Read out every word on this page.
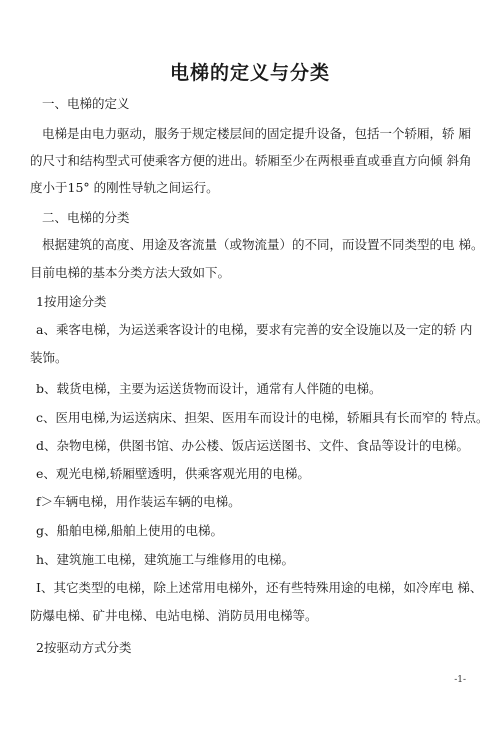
电梯的定义与分类

一、电梯的定义

电梯是由电力驱动，服务于规定楼层间的固定提升设备，包括一个轿厢，轿 厢

的尺寸和结构型式可使乘客方便的进出。轿厢至少在两根垂直或垂直方向倾 斜角

度小于15° 的刚性导轨之间运行。

二、电梯的分类

根据建筑的高度、用途及客流量（或物流量）的不同，而设置不同类型的电 梯。

目前电梯的基本分类方法大致如下。

1按用途分类

a、乘客电梯，为运送乘客设计的电梯，要求有完善的安全设施以及一定的轿 内

装饰。

b、载货电梯，主要为运送货物而设计，通常有人伴随的电梯。

c、医用电梯,为运送病床、担架、医用车而设计的电梯，轿厢具有长而窄的 特点。

d、杂物电梯，供图书馆、办公楼、饭店运送图书、文件、食品等设计的电梯。

e、观光电梯,轿厢壁透明，供乘客观光用的电梯。

f＞车辆电梯，用作装运车辆的电梯。

g、船舶电梯,船舶上使用的电梯。

h、建筑施工电梯，建筑施工与维修用的电梯。

I、其它类型的电梯，除上述常用电梯外，还有些特殊用途的电梯，如冷库电 梯、

防爆电梯、矿井电梯、电站电梯、消防员用电梯等。

2按驱动方式分类

-1-
